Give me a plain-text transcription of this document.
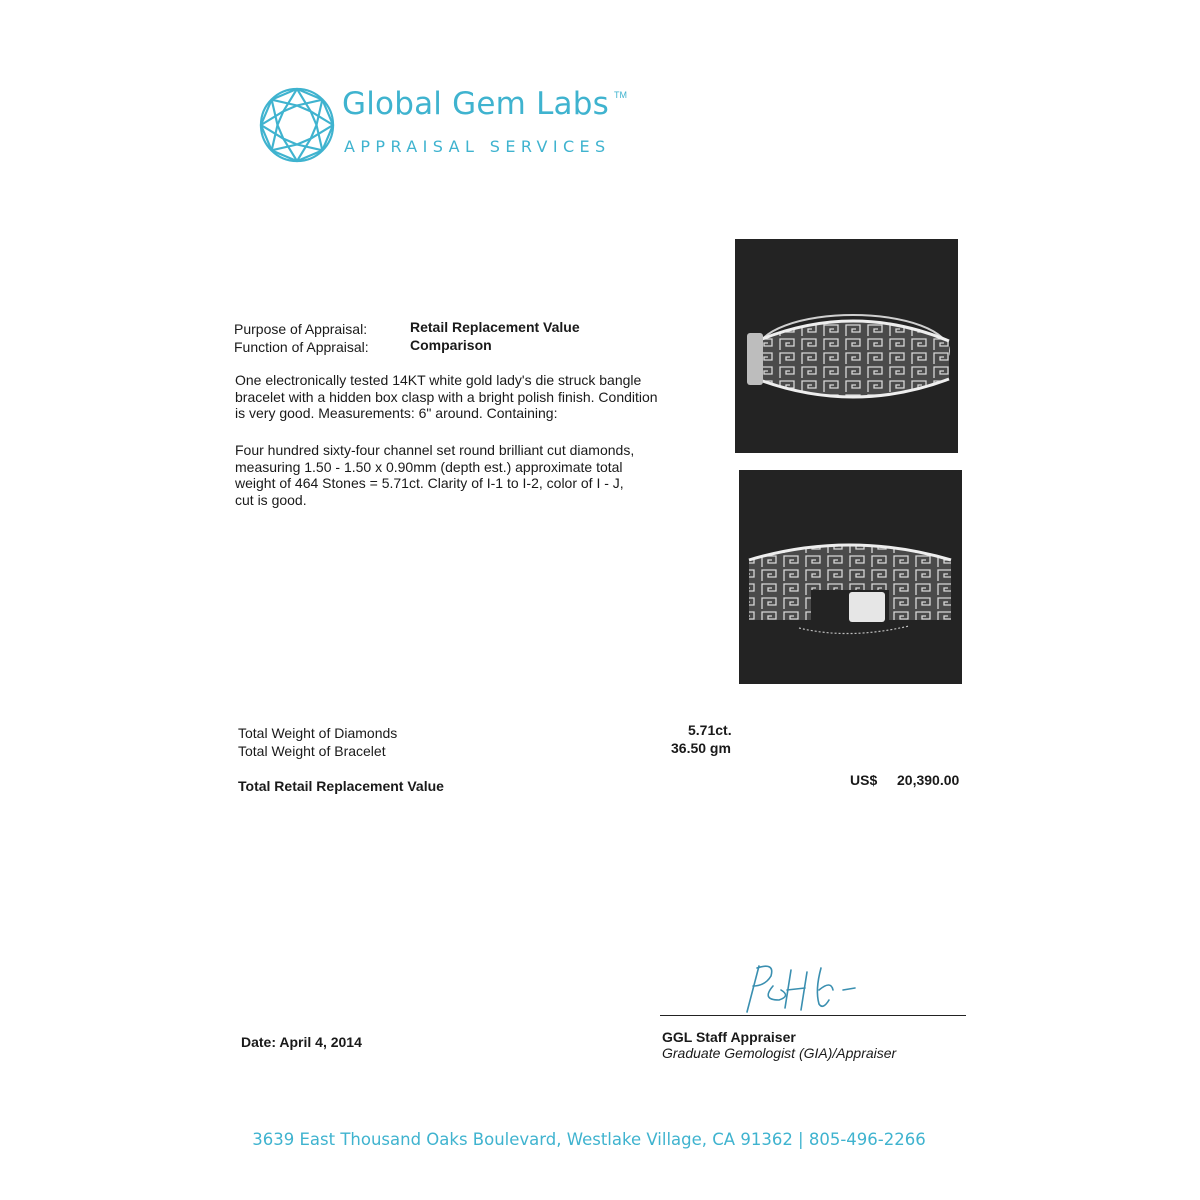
Global Gem Labs TM
APPRAISAL SERVICES
Purpose of Appraisal:	Retail Replacement Value
Function of Appraisal:	Comparison
One electronically tested 14KT white gold lady's die struck bangle
bracelet with a hidden box clasp with a bright polish finish. Condition
is very good. Measurements: 6" around. Containing:
Four hundred sixty-four channel set round brilliant cut diamonds,
measuring 1.50 - 1.50 x 0.90mm (depth est.) approximate total
weight of 464 Stones = 5.71ct. Clarity of I-1 to I-2, color of I - J,
cut is good.
Total Weight of Diamonds	5.71ct.
Total Weight of Bracelet	36.50 gm
Total Retail Replacement Value	US$ 20,390.00
GGL Staff Appraiser
Graduate Gemologist (GIA)/Appraiser
Date: April 4, 2014
3639 East Thousand Oaks Boulevard, Westlake Village, CA 91362 | 805-496-2266
